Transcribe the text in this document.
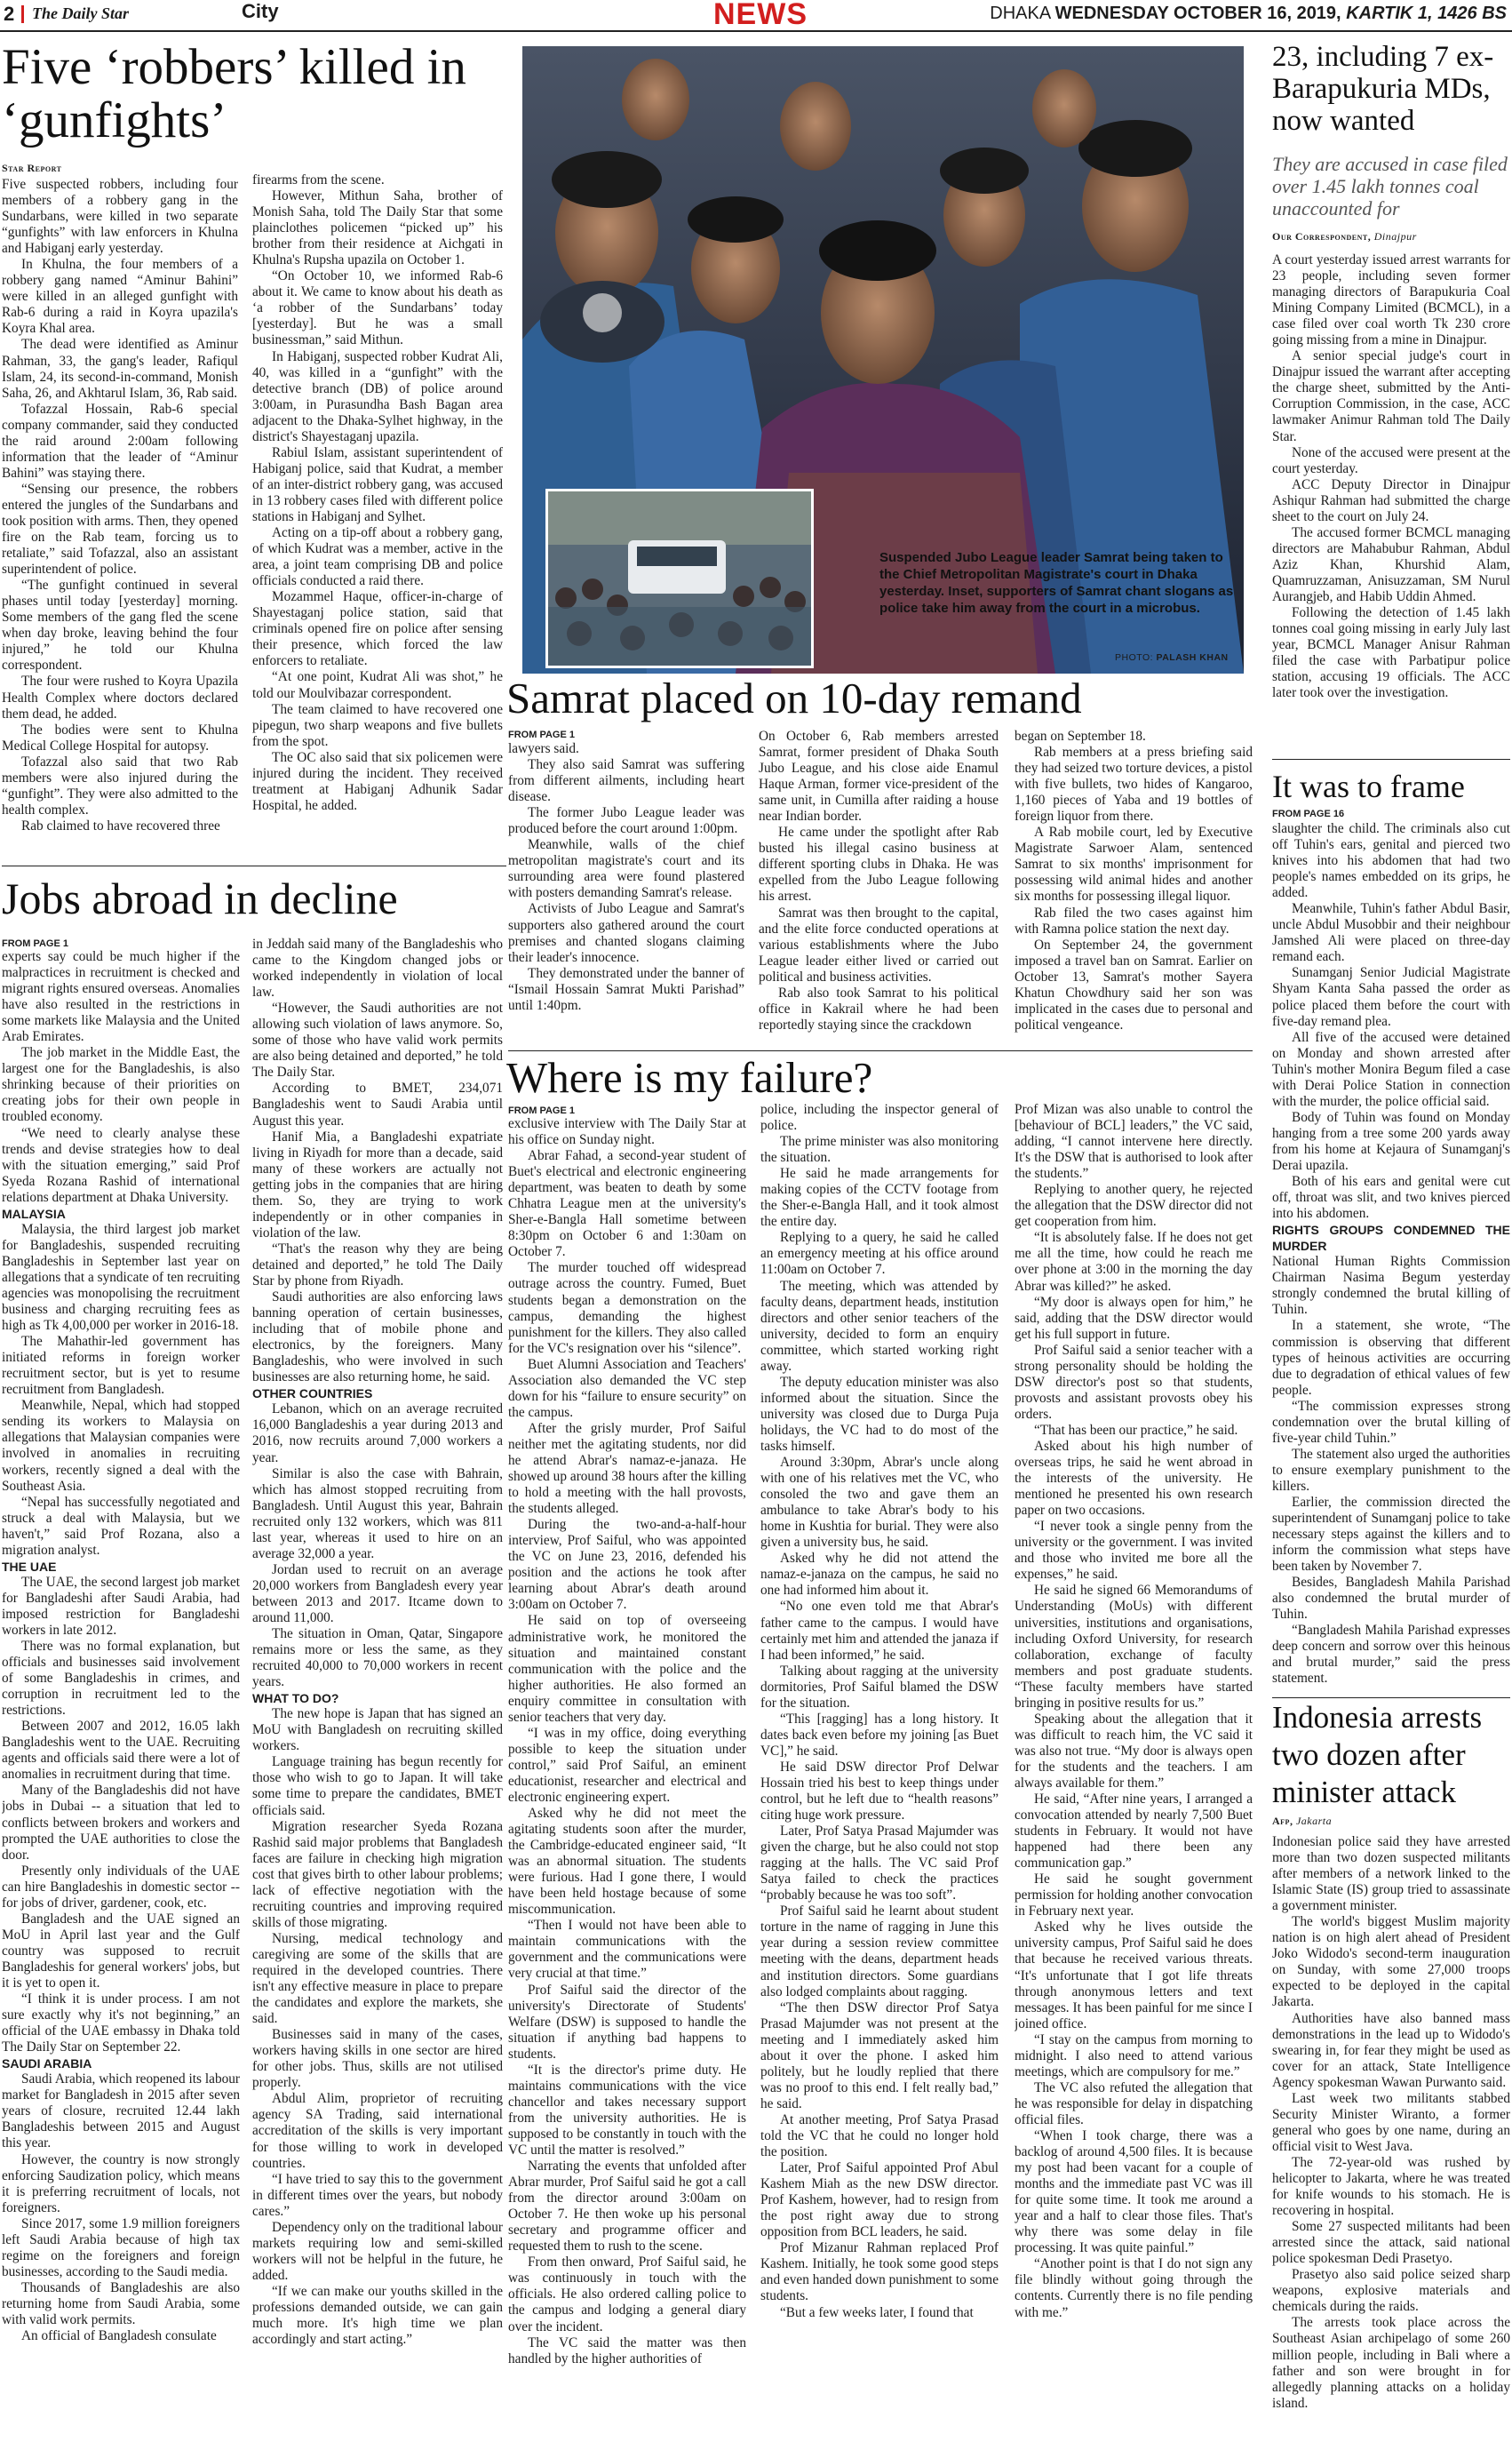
2 The Daily Star	City	NEWS	DHAKA WEDNESDAY OCTOBER 16, 2019, KARTIK 1, 1426 BS
Five ‘robbers’ killed in ‘gunfights’
Star Report

Five suspected robbers, including four members of a robbery gang in the Sundarbans, were killed in two separate “gunfights” with law enforcers in Khulna and Habiganj early yesterday.

In Khulna, the four members of a robbery gang named “Aminur Bahini” were killed in an alleged gunfight with Rab-6 during a raid in Koyra upazila's Koyra Khal area.

The dead were identified as Aminur Rahman, 33, the gang's leader, Rafiqul Islam, 24, its second-in-command, Monish Saha, 26, and Akhtarul Islam, 36, Rab said.

Tofazzal Hossain, Rab-6 special company commander, said they conducted the raid around 2:00am following information that the leader of “Aminur Bahini” was staying there.

“Sensing our presence, the robbers entered the jungles of the Sundarbans and took position with arms. Then, they opened fire on the Rab team, forcing us to retaliate,” said Tofazzal, also an assistant superintendent of police.

“The gunfight continued in several phases until today [yesterday] morning. Some members of the gang fled the scene when day broke, leaving behind the four injured,” he told our Khulna correspondent.

The four were rushed to Koyra Upazila Health Complex where doctors declared them dead, he added.

The bodies were sent to Khulna Medical College Hospital for autopsy.

Tofazzal also said that two Rab members were also injured during the “gunfight”. They were also admitted to the health complex.

Rab claimed to have recovered three

firearms from the scene.

However, Mithun Saha, brother of Monish Saha, told The Daily Star that some plainclothes policemen “picked up” his brother from their residence at Aichgati in Khulna's Rupsha upazila on October 1.

“On October 10, we informed Rab-6 about it. We came to know about his death as ‘a robber of the Sundarbans’ today [yesterday]. But he was a small businessman,” said Mithun.

In Habiganj, suspected robber Kudrat Ali, 40, was killed in a “gunfight” with the detective branch (DB) of police around 3:00am, in Purasundha Bash Bagan area adjacent to the Dhaka-Sylhet highway, in the district's Shayestaganj upazila.

Rabiul Islam, assistant superintendent of Habiganj police, said that Kudrat, a member of an inter-district robbery gang, was accused in 13 robbery cases filed with different police stations in Habiganj and Sylhet.

Acting on a tip-off about a robbery gang, of which Kudrat was a member, active in the area, a joint team comprising DB and police officials conducted a raid there.

Mozammel Haque, officer-in-charge of Shayestaganj police station, said that criminals opened fire on police after sensing their presence, which forced the law enforcers to retaliate.

“At one point, Kudrat Ali was shot,” he told our Moulvibazar correspondent.

The team claimed to have recovered one pipegun, two sharp weapons and five bullets from the spot.

The OC also said that six policemen were injured during the incident. They received treatment at Habiganj Adhunik Sadar Hospital, he added.

Suspended Jubo League leader Samrat being taken to the Chief Metropolitan Magistrate's court in Dhaka yesterday. Inset, supporters of Samrat chant slogans as police take him away from the court in a microbus.
PHOTO: PALASH KHAN
Samrat placed on 10-day remand
FROM PAGE 1

lawyers said.

They also said Samrat was suffering from different ailments, including heart disease.

The former Jubo League leader was produced before the court around 1:00pm.

Meanwhile, walls of the chief metropolitan magistrate's court and its surrounding area were found plastered with posters demanding Samrat's release.

Activists of Jubo League and Samrat's supporters also gathered around the court premises and chanted slogans claiming their leader's innocence.

They demonstrated under the banner of “Ismail Hossain Samrat Mukti Parishad” until 1:40pm.

On October 6, Rab members arrested Samrat, former president of Dhaka South Jubo League, and his close aide Enamul Haque Arman, former vice-president of the same unit, in Cumilla after raiding a house near Indian border.

He came under the spotlight after Rab busted his illegal casino business at different sporting clubs in Dhaka. He was expelled from the Jubo League following his arrest.

Samrat was then brought to the capital, and the elite force conducted operations at various establishments where the Jubo League leader either lived or carried out political and business activities.

Rab also took Samrat to his political office in Kakrail where he had been reportedly staying since the crackdown

began on September 18.

Rab members at a press briefing said they had seized two torture devices, a pistol with five bullets, two hides of Kangaroo, 1,160 pieces of Yaba and 19 bottles of foreign liquor from there.

A Rab mobile court, led by Executive Magistrate Sarwoer Alam, sentenced Samrat to six months' imprisonment for possessing wild animal hides and another six months for possessing illegal liquor.

Rab filed the two cases against him with Ramna police station the next day.

On September 24, the government imposed a travel ban on Samrat. Earlier on October 13, Samrat's mother Sayera Khatun Chowdhury said her son was implicated in the cases due to personal and political vengeance.

23, including 7 ex-Barapukuria MDs, now wanted
They are accused in case filed over 1.45 lakh tonnes coal unaccounted for
Our Correspondent, Dinajpur

A court yesterday issued arrest warrants for 23 people, including seven former managing directors of Barapukuria Coal Mining Company Limited (BCMCL), in a case filed over coal worth Tk 230 crore going missing from a mine in Dinajpur.

A senior special judge's court in Dinajpur issued the warrant after accepting the charge sheet, submitted by the Anti-Corruption Commission, in the case, ACC lawmaker Animur Rahman told The Daily Star.

None of the accused were present at the court yesterday.

ACC Deputy Director in Dinajpur Ashiqur Rahman had submitted the charge sheet to the court on July 24.

The accused former BCMCL managing directors are Mahabubur Rahman, Abdul Aziz Khan, Khurshid Alam, Quamruzzaman, Anisuzzaman, SM Nurul Aurangjeb, and Habib Uddin Ahmed.

Following the detection of 1.45 lakh tonnes coal going missing in early July last year, BCMCL Manager Anisur Rahman filed the case with Parbatipur police station, accusing 19 officials. The ACC later took over the investigation.

It was to frame
FROM PAGE 16

slaughter the child. The criminals also cut off Tuhin's ears, genital and pierced two knives into his abdomen that had two people's names embedded on its grips, he added.

Meanwhile, Tuhin's father Abdul Basir, uncle Abdul Musobbir and their neighbour Jamshed Ali were placed on three-day remand each.

Sunamganj Senior Judicial Magistrate Shyam Kanta Saha passed the order as police placed them before the court with five-day remand plea.

All five of the accused were detained on Monday and shown arrested after Tuhin's mother Monira Begum filed a case with Derai Police Station in connection with the murder, the police official said.

Body of Tuhin was found on Monday hanging from a tree some 200 yards away from his home at Kejaura of Sunamganj's Derai upazila.

Both of his ears and genital were cut off, throat was slit, and two knives pierced into his abdomen.

RIGHTS GROUPS CONDEMNED THE MURDER

National Human Rights Commission Chairman Nasima Begum yesterday strongly condemned the brutal killing of Tuhin.

In a statement, she wrote, “The commission is observing that different types of heinous activities are occurring due to degradation of ethical values of few people.

“The commission expresses strong condemnation over the brutal killing of five-year child Tuhin.”

The statement also urged the authorities to ensure exemplary punishment to the killers.

Earlier, the commission directed the superintendent of Sunamganj police to take necessary steps against the killers and to inform the commission what steps have been taken by November 7.

Besides, Bangladesh Mahila Parishad also condemned the brutal murder of Tuhin.

“Bangladesh Mahila Parishad expresses deep concern and sorrow over this heinous and brutal murder,” said the press statement.

Indonesia arrests two dozen after minister attack
Afp, Jakarta

Indonesian police said they have arrested more than two dozen suspected militants after members of a network linked to the Islamic State (IS) group tried to assassinate a government minister.

The world's biggest Muslim majority nation is on high alert ahead of President Joko Widodo's second-term inauguration on Sunday, with some 27,000 troops expected to be deployed in the capital Jakarta.

Authorities have also banned mass demonstrations in the lead up to Widodo's swearing in, for fear they might be used as cover for an attack, State Intelligence Agency spokesman Wawan Purwanto said.

Last week two militants stabbed Security Minister Wiranto, a former general who goes by one name, during an official visit to West Java.

The 72-year-old was rushed by helicopter to Jakarta, where he was treated for knife wounds to his stomach. He is recovering in hospital.

Some 27 suspected militants had been arrested since the attack, said national police spokesman Dedi Prasetyo.

Prasetyo also said police seized sharp weapons, explosive materials and chemicals during the raids.

The arrests took place across the Southeast Asian archipelago of some 260 million people, including in Bali where a father and son were brought in for allegedly planning attacks on a holiday island.

Jobs abroad in decline
FROM PAGE 1

experts say could be much higher if the malpractices in recruitment is checked and migrant rights ensured overseas. Anomalies have also resulted in the restrictions in some markets like Malaysia and the United Arab Emirates.

The job market in the Middle East, the largest one for the Bangladeshis, is also shrinking because of their priorities on creating jobs for their own people in troubled economy.

“We need to clearly analyse these trends and devise strategies how to deal with the situation emerging,” said Prof Syeda Rozana Rashid of international relations department at Dhaka University.

MALAYSIA

Malaysia, the third largest job market for Bangladeshis, suspended recruiting Bangladeshis in September last year on allegations that a syndicate of ten recruiting agencies was monopolising the recruitment business and charging recruiting fees as high as Tk 4,00,000 per worker in 2016-18.

The Mahathir-led government has initiated reforms in foreign worker recruitment sector, but is yet to resume recruitment from Bangladesh.

Meanwhile, Nepal, which had stopped sending its workers to Malaysia on allegations that Malaysian companies were involved in anomalies in recruiting workers, recently signed a deal with the Southeast Asia.

“Nepal has successfully negotiated and struck a deal with Malaysia, but we haven't,” said Prof Rozana, also a migration analyst.

THE UAE

The UAE, the second largest job market for Bangladeshi after Saudi Arabia, had imposed restriction for Bangladeshi workers in late 2012.

There was no formal explanation, but officials and businesses said involvement of some Bangladeshis in crimes, and corruption in recruitment led to the restrictions.

Between 2007 and 2012, 16.05 lakh Bangladeshis went to the UAE. Recruiting agents and officials said there were a lot of anomalies in recruitment during that time.

Many of the Bangladeshis did not have jobs in Dubai -- a situation that led to conflicts between brokers and workers and prompted the UAE authorities to close the door.

Presently only individuals of the UAE can hire Bangladeshis in domestic sector -- for jobs of driver, gardener, cook, etc.

Bangladesh and the UAE signed an MoU in April last year and the Gulf country was supposed to recruit Bangladeshis for general workers' jobs, but it is yet to open it.

“I think it is under process. I am not sure exactly why it's not beginning,” an official of the UAE embassy in Dhaka told The Daily Star on September 22.

SAUDI ARABIA

Saudi Arabia, which reopened its labour market for Bangladesh in 2015 after seven years of closure, recruited 12.44 lakh Bangladeshis between 2015 and August this year.

However, the country is now strongly enforcing Saudization policy, which means it is preferring recruitment of locals, not foreigners.

Since 2017, some 1.9 million foreigners left Saudi Arabia because of high tax regime on the foreigners and foreign businesses, according to the Saudi media.

Thousands of Bangladeshis are also returning home from Saudi Arabia, some with valid work permits.

An official of Bangladesh consulate

in Jeddah said many of the Bangladeshis who came to the Kingdom changed jobs or worked independently in violation of local law.

“However, the Saudi authorities are not allowing such violation of laws anymore. So, some of those who have valid work permits are also being detained and deported,” he told The Daily Star.

According to BMET, 234,071 Bangladeshis went to Saudi Arabia until August this year.

Hanif Mia, a Bangladeshi expatriate living in Riyadh for more than a decade, said many of these workers are actually not getting jobs in the companies that are hiring them. So, they are trying to work independently or in other companies in violation of the law.

“That's the reason why they are being detained and deported,” he told The Daily Star by phone from Riyadh.

Saudi authorities are also enforcing laws banning operation of certain businesses, including that of mobile phone and electronics, by the foreigners. Many Bangladeshis, who were involved in such businesses are also returning home, he said.

OTHER COUNTRIES

Lebanon, which on an average recruited 16,000 Bangladeshis a year during 2013 and 2016, now recruits around 7,000 workers a year.

Similar is also the case with Bahrain, which has almost stopped recruiting from Bangladesh. Until August this year, Bahrain recruited only 132 workers, which was 811 last year, whereas it used to hire on an average 32,000 a year.

Jordan used to recruit on an average 20,000 workers from Bangladesh every year between 2013 and 2017. Itcame down to around 11,000.

The situation in Oman, Qatar, Singapore remains more or less the same, as they recruited 40,000 to 70,000 workers in recent years.

WHAT TO DO?

The new hope is Japan that has signed an MoU with Bangladesh on recruiting skilled workers.

Language training has begun recently for those who wish to go to Japan. It will take some time to prepare the candidates, BMET officials said.

Migration researcher Syeda Rozana Rashid said major problems that Bangladesh faces are failure in checking high migration cost that gives birth to other labour problems; lack of effective negotiation with the recruiting countries and improving required skills of those migrating.

Nursing, medical technology and caregiving are some of the skills that are required in the developed countries. There isn't any effective measure in place to prepare the candidates and explore the markets, she said.

Businesses said in many of the cases, workers having skills in one sector are hired for other jobs. Thus, skills are not utilised properly.

Abdul Alim, proprietor of recruiting agency SA Trading, said international accreditation of the skills is very important for those willing to work in developed countries.

“I have tried to say this to the government in different times over the years, but nobody cares.”

Dependency only on the traditional labour markets requiring low and semi-skilled workers will not be helpful in the future, he added.

“If we can make our youths skilled in the professions demanded outside, we can gain much more. It's high time we plan accordingly and start acting.”

Where is my failure?
FROM PAGE 1

exclusive interview with The Daily Star at his office on Sunday night.

Abrar Fahad, a second-year student of Buet's electrical and electronic engineering department, was beaten to death by some Chhatra League men at the university's Sher-e-Bangla Hall sometime between 8:30pm on October 6 and 1:30am on October 7.

The murder touched off widespread outrage across the country. Fumed, Buet students began a demonstration on the campus, demanding the highest punishment for the killers. They also called for the VC's resignation over his “silence”.

Buet Alumni Association and Teachers' Association also demanded the VC step down for his “failure to ensure security” on the campus.

After the grisly murder, Prof Saiful neither met the agitating students, nor did he attend Abrar's namaz-e-janaza. He showed up around 38 hours after the killing to hold a meeting with the hall provosts, the students alleged.

During the two-and-a-half-hour interview, Prof Saiful, who was appointed the VC on June 23, 2016, defended his position and the actions he took after learning about Abrar's death around 3:00am on October 7.

He said on top of overseeing administrative work, he monitored the situation and maintained constant communication with the police and the higher authorities. He also formed an enquiry committee in consultation with senior teachers that very day.

“I was in my office, doing everything possible to keep the situation under control,” said Prof Saiful, an eminent educationist, researcher and electrical and electronic engineering expert.

Asked why he did not meet the agitating students soon after the murder, the Cambridge-educated engineer said, “It was an abnormal situation. The students were furious. Had I gone there, I would have been held hostage because of some miscommunication.

“Then I would not have been able to maintain communications with the government and the communications were very crucial at that time.”

Prof Saiful said the director of the university's Directorate of Students' Welfare (DSW) is supposed to handle the situation if anything bad happens to students.

“It is the director's prime duty. He maintains communications with the vice chancellor and takes necessary support from the university authorities. He is supposed to be constantly in touch with the VC until the matter is resolved.”

Narrating the events that unfolded after Abrar murder, Prof Saiful said he got a call from the director around 3:00am on October 7. He then woke up his personal secretary and programme officer and requested them to rush to the scene.

From then onward, Prof Saiful said, he was continuously in touch with the officials. He also ordered calling police to the campus and lodging a general diary over the incident.

The VC said the matter was then handled by the higher authorities of

police, including the inspector general of police.

The prime minister was also monitoring the situation.

He said he made arrangements for making copies of the CCTV footage from the Sher-e-Bangla Hall, and it took almost the entire day.

Replying to a query, he said he called an emergency meeting at his office around 11:00am on October 7.

The meeting, which was attended by faculty deans, department heads, institution directors and other senior teachers of the university, decided to form an enquiry committee, which started working right away.

The deputy education minister was also informed about the situation. Since the university was closed due to Durga Puja holidays, the VC had to do most of the tasks himself.

Around 3:30pm, Abrar's uncle along with one of his relatives met the VC, who consoled the two and gave them an ambulance to take Abrar's body to his home in Kushtia for burial. They were also given a university bus, he said.

Asked why he did not attend the namaz-e-janaza on the campus, he said no one had informed him about it.

“No one even told me that Abrar's father came to the campus. I would have certainly met him and attended the janaza if I had been informed,” he said.

Talking about ragging at the university dormitories, Prof Saiful blamed the DSW for the situation.

“This [ragging] has a long history. It dates back even before my joining [as Buet VC],” he said.

He said DSW director Prof Delwar Hossain tried his best to keep things under control, but he left due to “health reasons” citing huge work pressure.

Later, Prof Satya Prasad Majumder was given the charge, but he also could not stop ragging at the halls. The VC said Prof Satya failed to check the practices “probably because he was too soft”.

Prof Saiful said he learnt about student torture in the name of ragging in June this year during a session review committee meeting with the deans, department heads and institution directors. Some guardians also lodged complaints about ragging.

“The then DSW director Prof Satya Prasad Majumder was not present at the meeting and I immediately asked him about it over the phone. I asked him politely, but he loudly replied that there was no proof to this end. I felt really bad,” he said.

At another meeting, Prof Satya Prasad told the VC that he could no longer hold the position.

Later, Prof Saiful appointed Prof Abul Kashem Miah as the new DSW director. Prof Kashem, however, had to resign from the post right away due to strong opposition from BCL leaders, he said.

Prof Mizanur Rahman replaced Prof Kashem. Initially, he took some good steps and even handed down punishment to some students.

“But a few weeks later, I found that

Prof Mizan was also unable to control the [behaviour of BCL] leaders,” the VC said, adding, “I cannot intervene here directly. It's the DSW that is authorised to look after the students.”

Replying to another query, he rejected the allegation that the DSW director did not get cooperation from him.

“It is absolutely false. If he does not get me all the time, how could he reach me over phone at 3:00 in the morning the day Abrar was killed?” he asked.

“My door is always open for him,” he said, adding that the DSW director would get his full support in future.

Prof Saiful said a senior teacher with a strong personality should be holding the DSW director's post so that students, provosts and assistant provosts obey his orders.

“That has been our practice,” he said.

Asked about his high number of overseas trips, he said he went abroad in the interests of the university. He mentioned he presented his own research paper on two occasions.

“I never took a single penny from the university or the government. I was invited and those who invited me bore all the expenses,” he said.

He said he signed 66 Memorandums of Understanding (MoUs) with different universities, institutions and organisations, including Oxford University, for research collaboration, exchange of faculty members and post graduate students. “These faculty members have started bringing in positive results for us.”

Speaking about the allegation that it was difficult to reach him, the VC said it was also not true. “My door is always open for the students and the teachers. I am always available for them.”

He said, “After nine years, I arranged a convocation attended by nearly 7,500 Buet students in February. It would not have happened had there been any communication gap.”

He said he sought government permission for holding another convocation in February next year.

Asked why he lives outside the university campus, Prof Saiful said he does that because he received various threats. “It's unfortunate that I got life threats through anonymous letters and text messages. It has been painful for me since I joined office.

“I stay on the campus from morning to midnight. I also need to attend various meetings, which are compulsory for me.”

The VC also refuted the allegation that he was responsible for delay in dispatching official files.

“When I took charge, there was a backlog of around 4,500 files. It is because my post had been vacant for a couple of months and the immediate past VC was ill for quite some time. It took me around a year and a half to clear those files. That's why there was some delay in file processing. It was quite painful.”

“Another point is that I do not sign any file blindly without going through the contents. Currently there is no file pending with me.”
